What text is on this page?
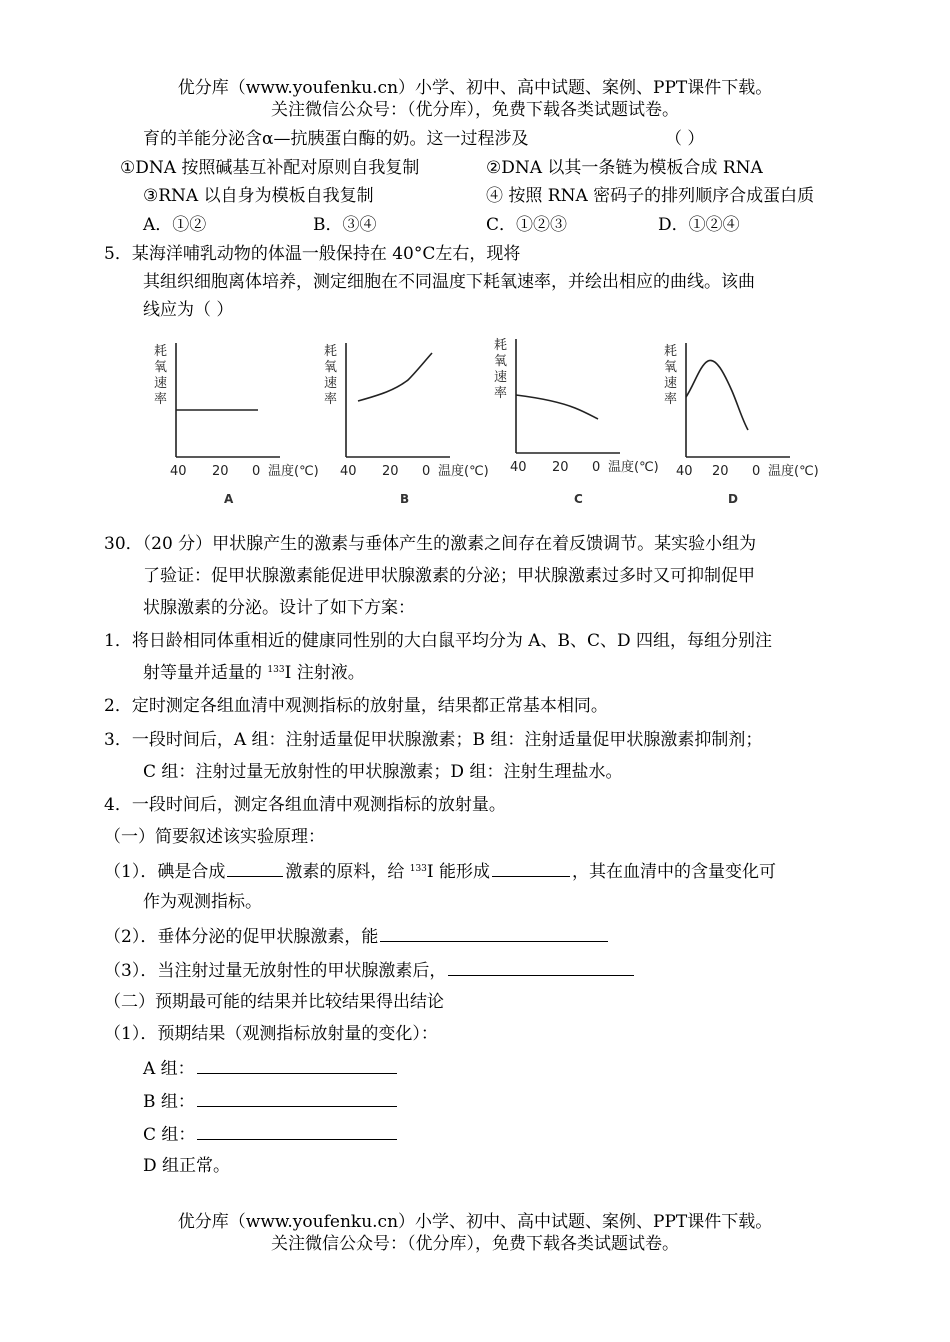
优分库（www.youfenku.cn）小学、初中、高中试题、案例、PPT课件下载。
关注微信公众号：（优分库），免费下载各类试题试卷。
育的羊能分泌含α—抗胰蛋白酶的奶。这一过程涉及	（ ）
①DNA 按照碱基互补配对原则自我复制	②DNA 以其一条链为模板合成 RNA
③RNA 以自身为模板自我复制	④ 按照 RNA 密码子的排列顺序合成蛋白质
A．①②	B．③④	C．①②③	D．①②④
5．某海洋哺乳动物的体温一般保持在 40°C左右，现将
其组织细胞离体培养，测定细胞在不同温度下耗氧速率，并绘出相应的曲线。该曲
线应为（ ）
耗
氧
速
率
40 20 0 温度(℃)
A
耗
氧
速
率
40 20 0 温度(℃)
B
耗
氧
速
率
40 20 0 温度(℃)
C
耗
氧
速
率
40 20 0 温度(℃)
D
30．（20 分）甲状腺产生的激素与垂体产生的激素之间存在着反馈调节。某实验小组为
了验证：促甲状腺激素能促进甲状腺激素的分泌；甲状腺激素过多时又可抑制促甲
状腺激素的分泌。设计了如下方案：
1．将日龄相同体重相近的健康同性别的大白鼠平均分为 A、B、C、D 四组，每组分别注
射等量并适量的 $^{133}$I 注射液。
2．定时测定各组血清中观测指标的放射量，结果都正常基本相同。
3．一段时间后，A 组：注射适量促甲状腺激素；B 组：注射适量促甲状腺激素抑制剂；
C 组：注射过量无放射性的甲状腺激素；D 组：注射生理盐水。
4．一段时间后，测定各组血清中观测指标的放射量。
（一）简要叙述该实验原理：
（1）．碘是合成	激素的原料，给 $^{133}$I 能形成	，其在血清中的含量变化可
作为观测指标。
（2）．垂体分泌的促甲状腺激素，能
（3）．当注射过量无放射性的甲状腺激素后，
（二）预期最可能的结果并比较结果得出结论
（1）．预期结果（观测指标放射量的变化）：
A 组：
B 组：
C 组：
D 组正常。
优分库（www.youfenku.cn）小学、初中、高中试题、案例、PPT课件下载。
关注微信公众号：（优分库），免费下载各类试题试卷。
